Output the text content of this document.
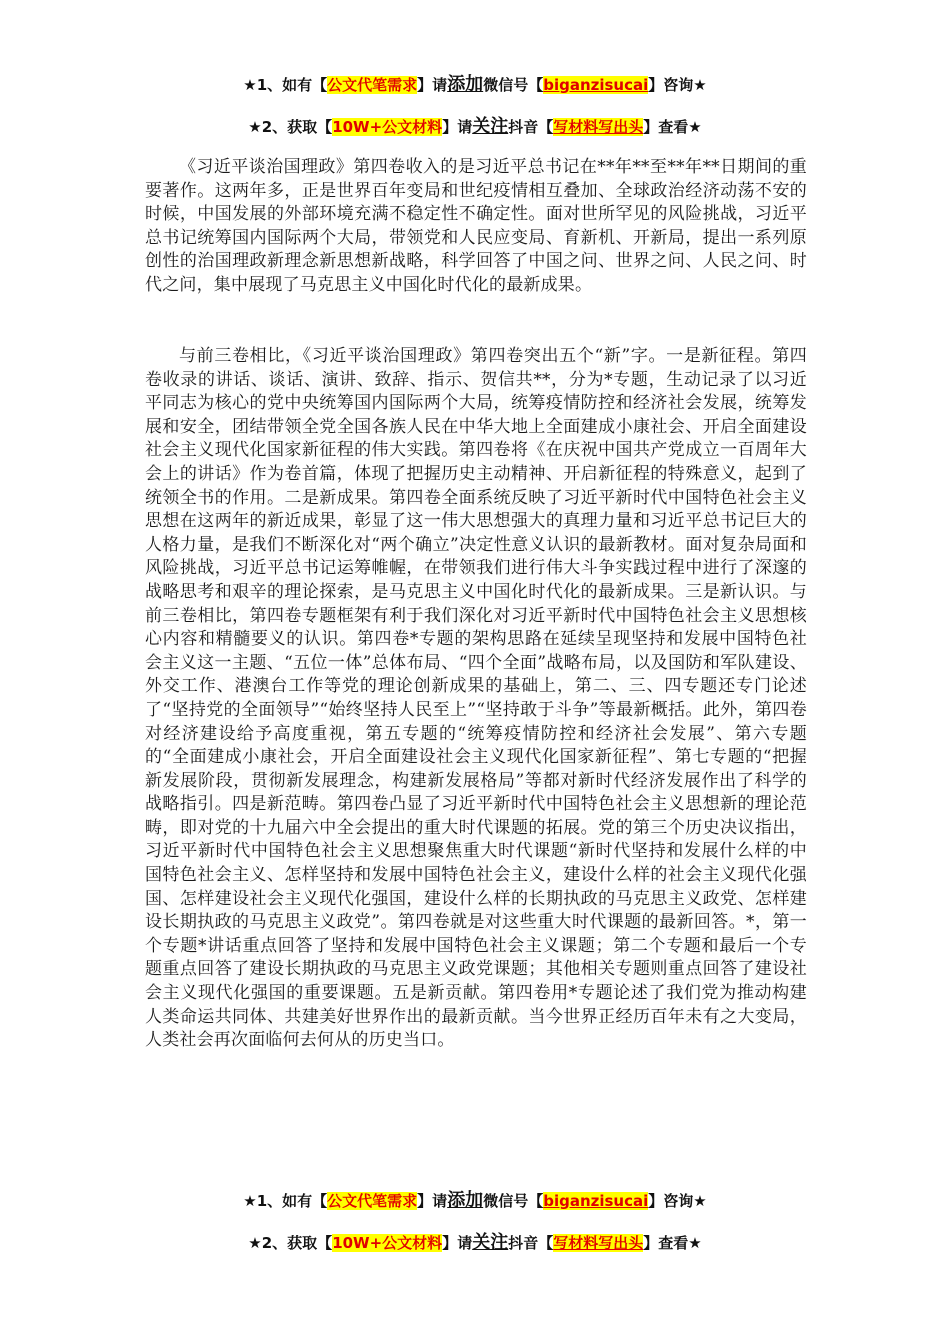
★1、如有【公文代笔需求】请添加微信号【biganzisucai】咨询★
★2、获取【10W+公文材料】请关注抖音【写材料写出头】查看★

《习近平谈治国理政》第四卷收入的是习近平总书记在**年**至**年**日期间的重要著作。这两年多，正是世界百年变局和世纪疫情相互叠加、全球政治经济动荡不安的时候，中国发展的外部环境充满不稳定性不确定性。面对世所罕见的风险挑战，习近平总书记统筹国内国际两个大局，带领党和人民应变局、育新机、开新局，提出一系列原创性的治国理政新理念新思想新战略，科学回答了中国之问、世界之问、人民之问、时代之问，集中展现了马克思主义中国化时代化的最新成果。

与前三卷相比，《习近平谈治国理政》第四卷突出五个“新”字。一是新征程。第四卷收录的讲话、谈话、演讲、致辞、指示、贺信共**，分为*专题，生动记录了以习近平同志为核心的党中央统筹国内国际两个大局，统筹疫情防控和经济社会发展，统筹发展和安全，团结带领全党全国各族人民在中华大地上全面建成小康社会、开启全面建设社会主义现代化国家新征程的伟大实践。第四卷将《在庆祝中国共产党成立一百周年大会上的讲话》作为卷首篇，体现了把握历史主动精神、开启新征程的特殊意义，起到了统领全书的作用。二是新成果。第四卷全面系统反映了习近平新时代中国特色社会主义思想在这两年的新近成果，彰显了这一伟大思想强大的真理力量和习近平总书记巨大的人格力量，是我们不断深化对“两个确立”决定性意义认识的最新教材。面对复杂局面和风险挑战，习近平总书记运筹帷幄，在带领我们进行伟大斗争实践过程中进行了深邃的战略思考和艰辛的理论探索，是马克思主义中国化时代化的最新成果。三是新认识。与前三卷相比，第四卷专题框架有利于我们深化对习近平新时代中国特色社会主义思想核心内容和精髓要义的认识。第四卷*专题的架构思路在延续呈现坚持和发展中国特色社会主义这一主题、“五位一体”总体布局、“四个全面”战略布局，以及国防和军队建设、外交工作、港澳台工作等党的理论创新成果的基础上，第二、三、四专题还专门论述了“坚持党的全面领导”“始终坚持人民至上”“坚持敢于斗争”等最新概括。此外，第四卷对经济建设给予高度重视，第五专题的“统筹疫情防控和经济社会发展”、第六专题的“全面建成小康社会，开启全面建设社会主义现代化国家新征程”、第七专题的“把握新发展阶段，贯彻新发展理念，构建新发展格局”等都对新时代经济发展作出了科学的战略指引。四是新范畴。第四卷凸显了习近平新时代中国特色社会主义思想新的理论范畴，即对党的十九届六中全会提出的重大时代课题的拓展。党的第三个历史决议指出，习近平新时代中国特色社会主义思想聚焦重大时代课题“新时代坚持和发展什么样的中国特色社会主义、怎样坚持和发展中国特色社会主义，建设什么样的社会主义现代化强国、怎样建设社会主义现代化强国，建设什么样的长期执政的马克思主义政党、怎样建设长期执政的马克思主义政党”。第四卷就是对这些重大时代课题的最新回答。*，第一个专题*讲话重点回答了坚持和发展中国特色社会主义课题；第二个专题和最后一个专题重点回答了建设长期执政的马克思主义政党课题；其他相关专题则重点回答了建设社会主义现代化强国的重要课题。五是新贡献。第四卷用*专题论述了我们党为推动构建人类命运共同体、共建美好世界作出的最新贡献。当今世界正经历百年未有之大变局，人类社会再次面临何去何从的历史当口。

★1、如有【公文代笔需求】请添加微信号【biganzisucai】咨询★
★2、获取【10W+公文材料】请关注抖音【写材料写出头】查看★
